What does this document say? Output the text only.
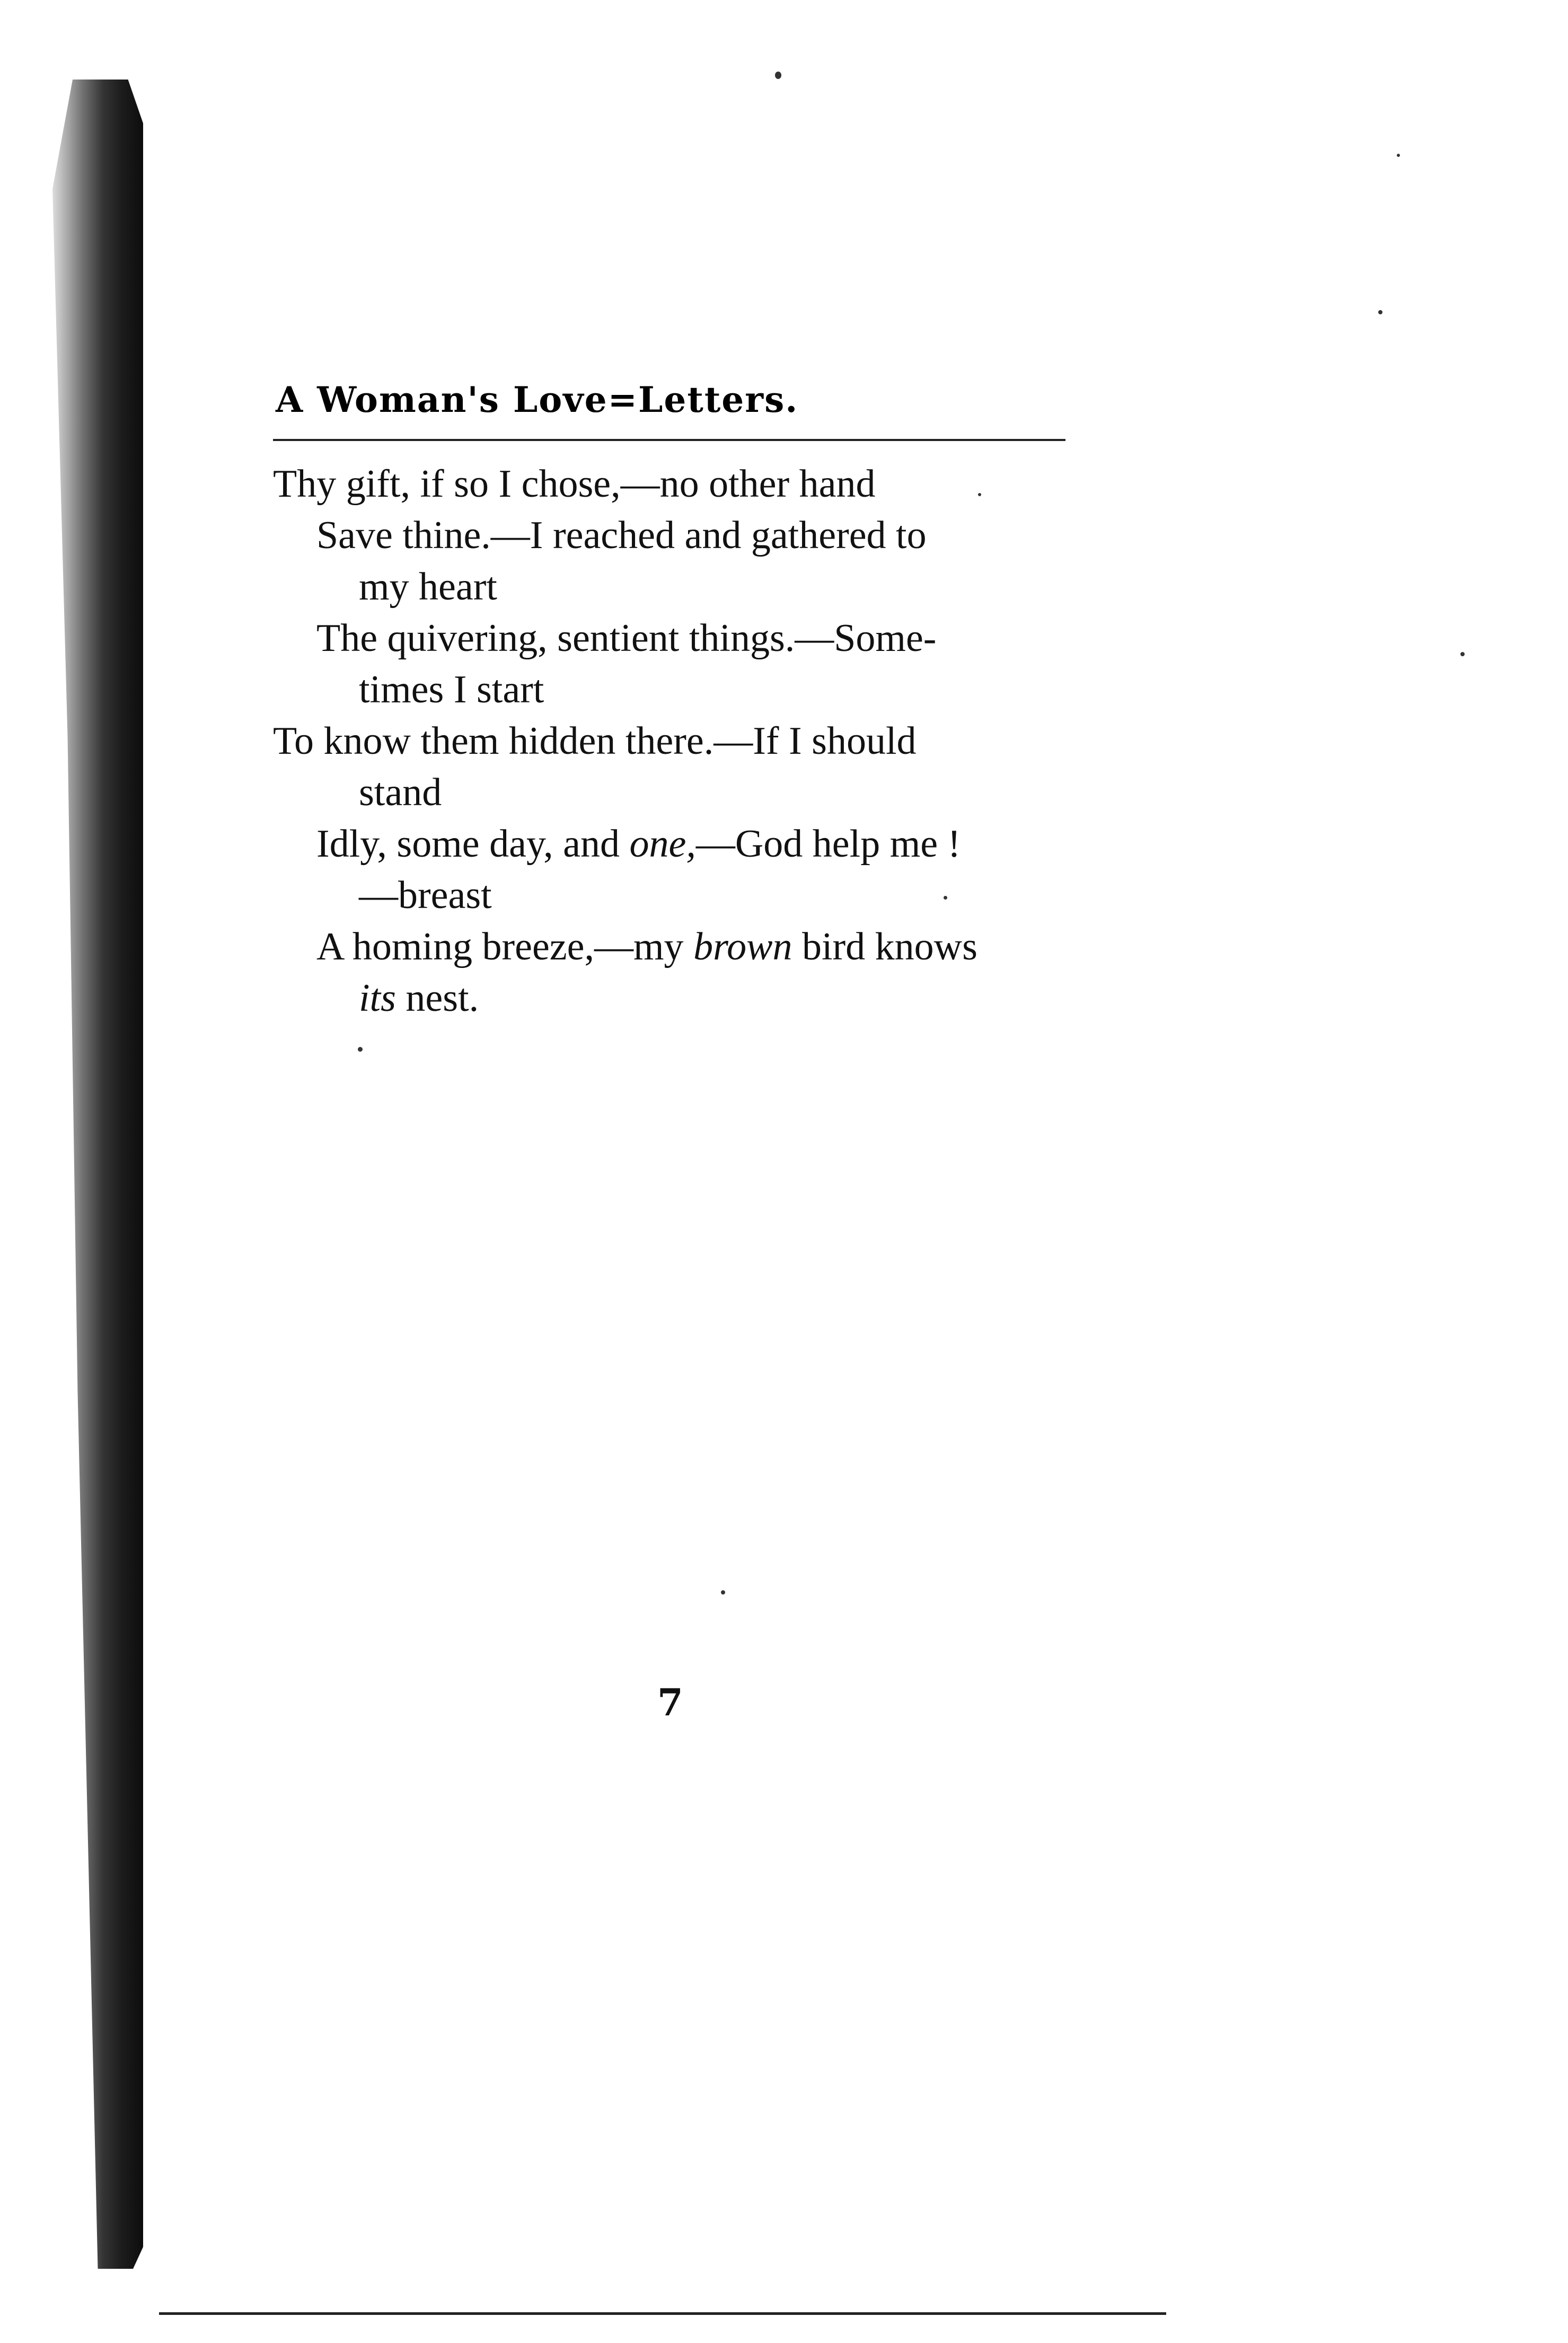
A Woman's Love=Letters.
Thy gift, if so I chose,—no other hand
Save thine.—I reached and gathered to
my heart
The quivering, sentient things.—Some-
times I start
To know them hidden there.—If I should
stand
Idly, some day, and one,—God help me !
—breast
A homing breeze,—my brown bird knows
its nest.
7
